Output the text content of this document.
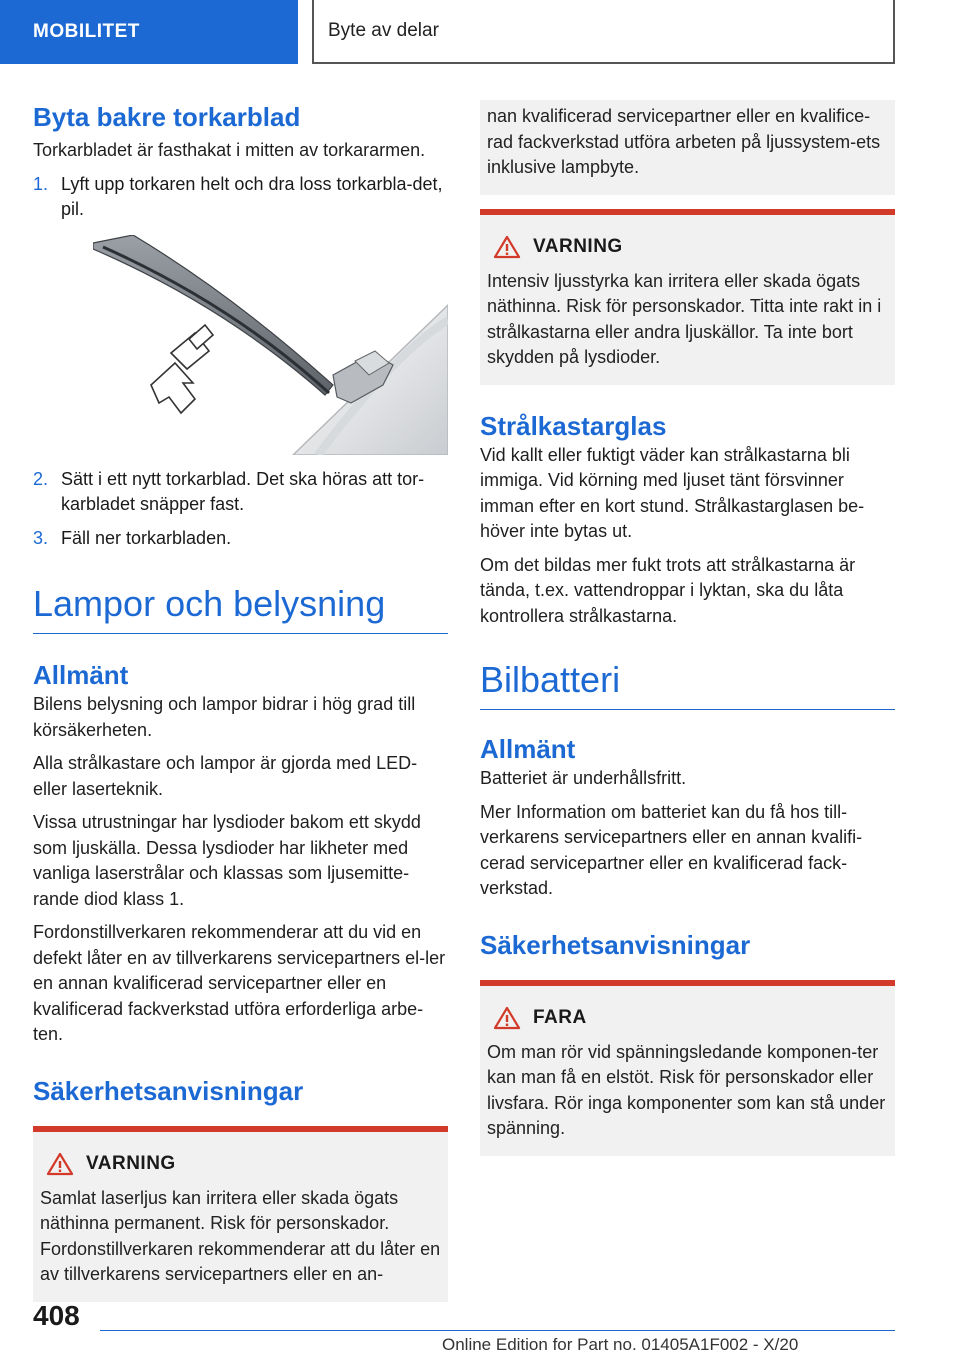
MOBILITET	Byte av delar
Byta bakre torkarblad
Torkarbladet är fasthakat i mitten av torkararmen.
1. Lyft upp torkaren helt och dra loss torkarbla-det, pil.
2. Sätt i ett nytt torkarblad. Det ska höras att tor-karbladet snäpper fast.
3. Fäll ner torkarbladen.
Lampor och belysning
Allmänt
Bilens belysning och lampor bidrar i hög grad till körsäkerheten.
Alla strålkastare och lampor är gjorda med LED- eller laserteknik.
Vissa utrustningar har lysdioder bakom ett skydd som ljuskälla. Dessa lysdioder har likheter med vanliga laserstrålar och klassas som ljusemitte-rande diod klass 1.
Fordonstillverkaren rekommenderar att du vid en defekt låter en av tillverkarens servicepartners el-ler en annan kvalificerad servicepartner eller en kvalificerad fackverkstad utföra erforderliga arbe-ten.
Säkerhetsanvisningar
VARNING
Samlat laserljus kan irritera eller skada ögats näthinna permanent. Risk för personskador. Fordonstillverkaren rekommenderar att du låter en av tillverkarens servicepartners eller en an-
nan kvalificerad servicepartner eller en kvalifice-rad fackverkstad utföra arbeten på ljussystem-ets inklusive lampbyte.
VARNING
Intensiv ljusstyrka kan irritera eller skada ögats näthinna. Risk för personskador. Titta inte rakt in i strålkastarna eller andra ljuskällor. Ta inte bort skydden på lysdioder.
Strålkastarglas
Vid kallt eller fuktigt väder kan strålkastarna bli immiga. Vid körning med ljuset tänt försvinner imman efter en kort stund. Strålkastarglasen be-höver inte bytas ut.
Om det bildas mer fukt trots att strålkastarna är tända, t.ex. vattendroppar i lyktan, ska du låta kontrollera strålkastarna.
Bilbatteri
Allmänt
Batteriet är underhållsfritt.
Mer Information om batteriet kan du få hos till-verkarens servicepartners eller en annan kvalifi-cerad servicepartner eller en kvalificerad fack-verkstad.
Säkerhetsanvisningar
FARA
Om man rör vid spänningsledande komponen-ter kan man få en elstöt. Risk för personskador eller livsfara. Rör inga komponenter som kan stå under spänning.
408
Online Edition for Part no. 01405A1F002 - X/20
